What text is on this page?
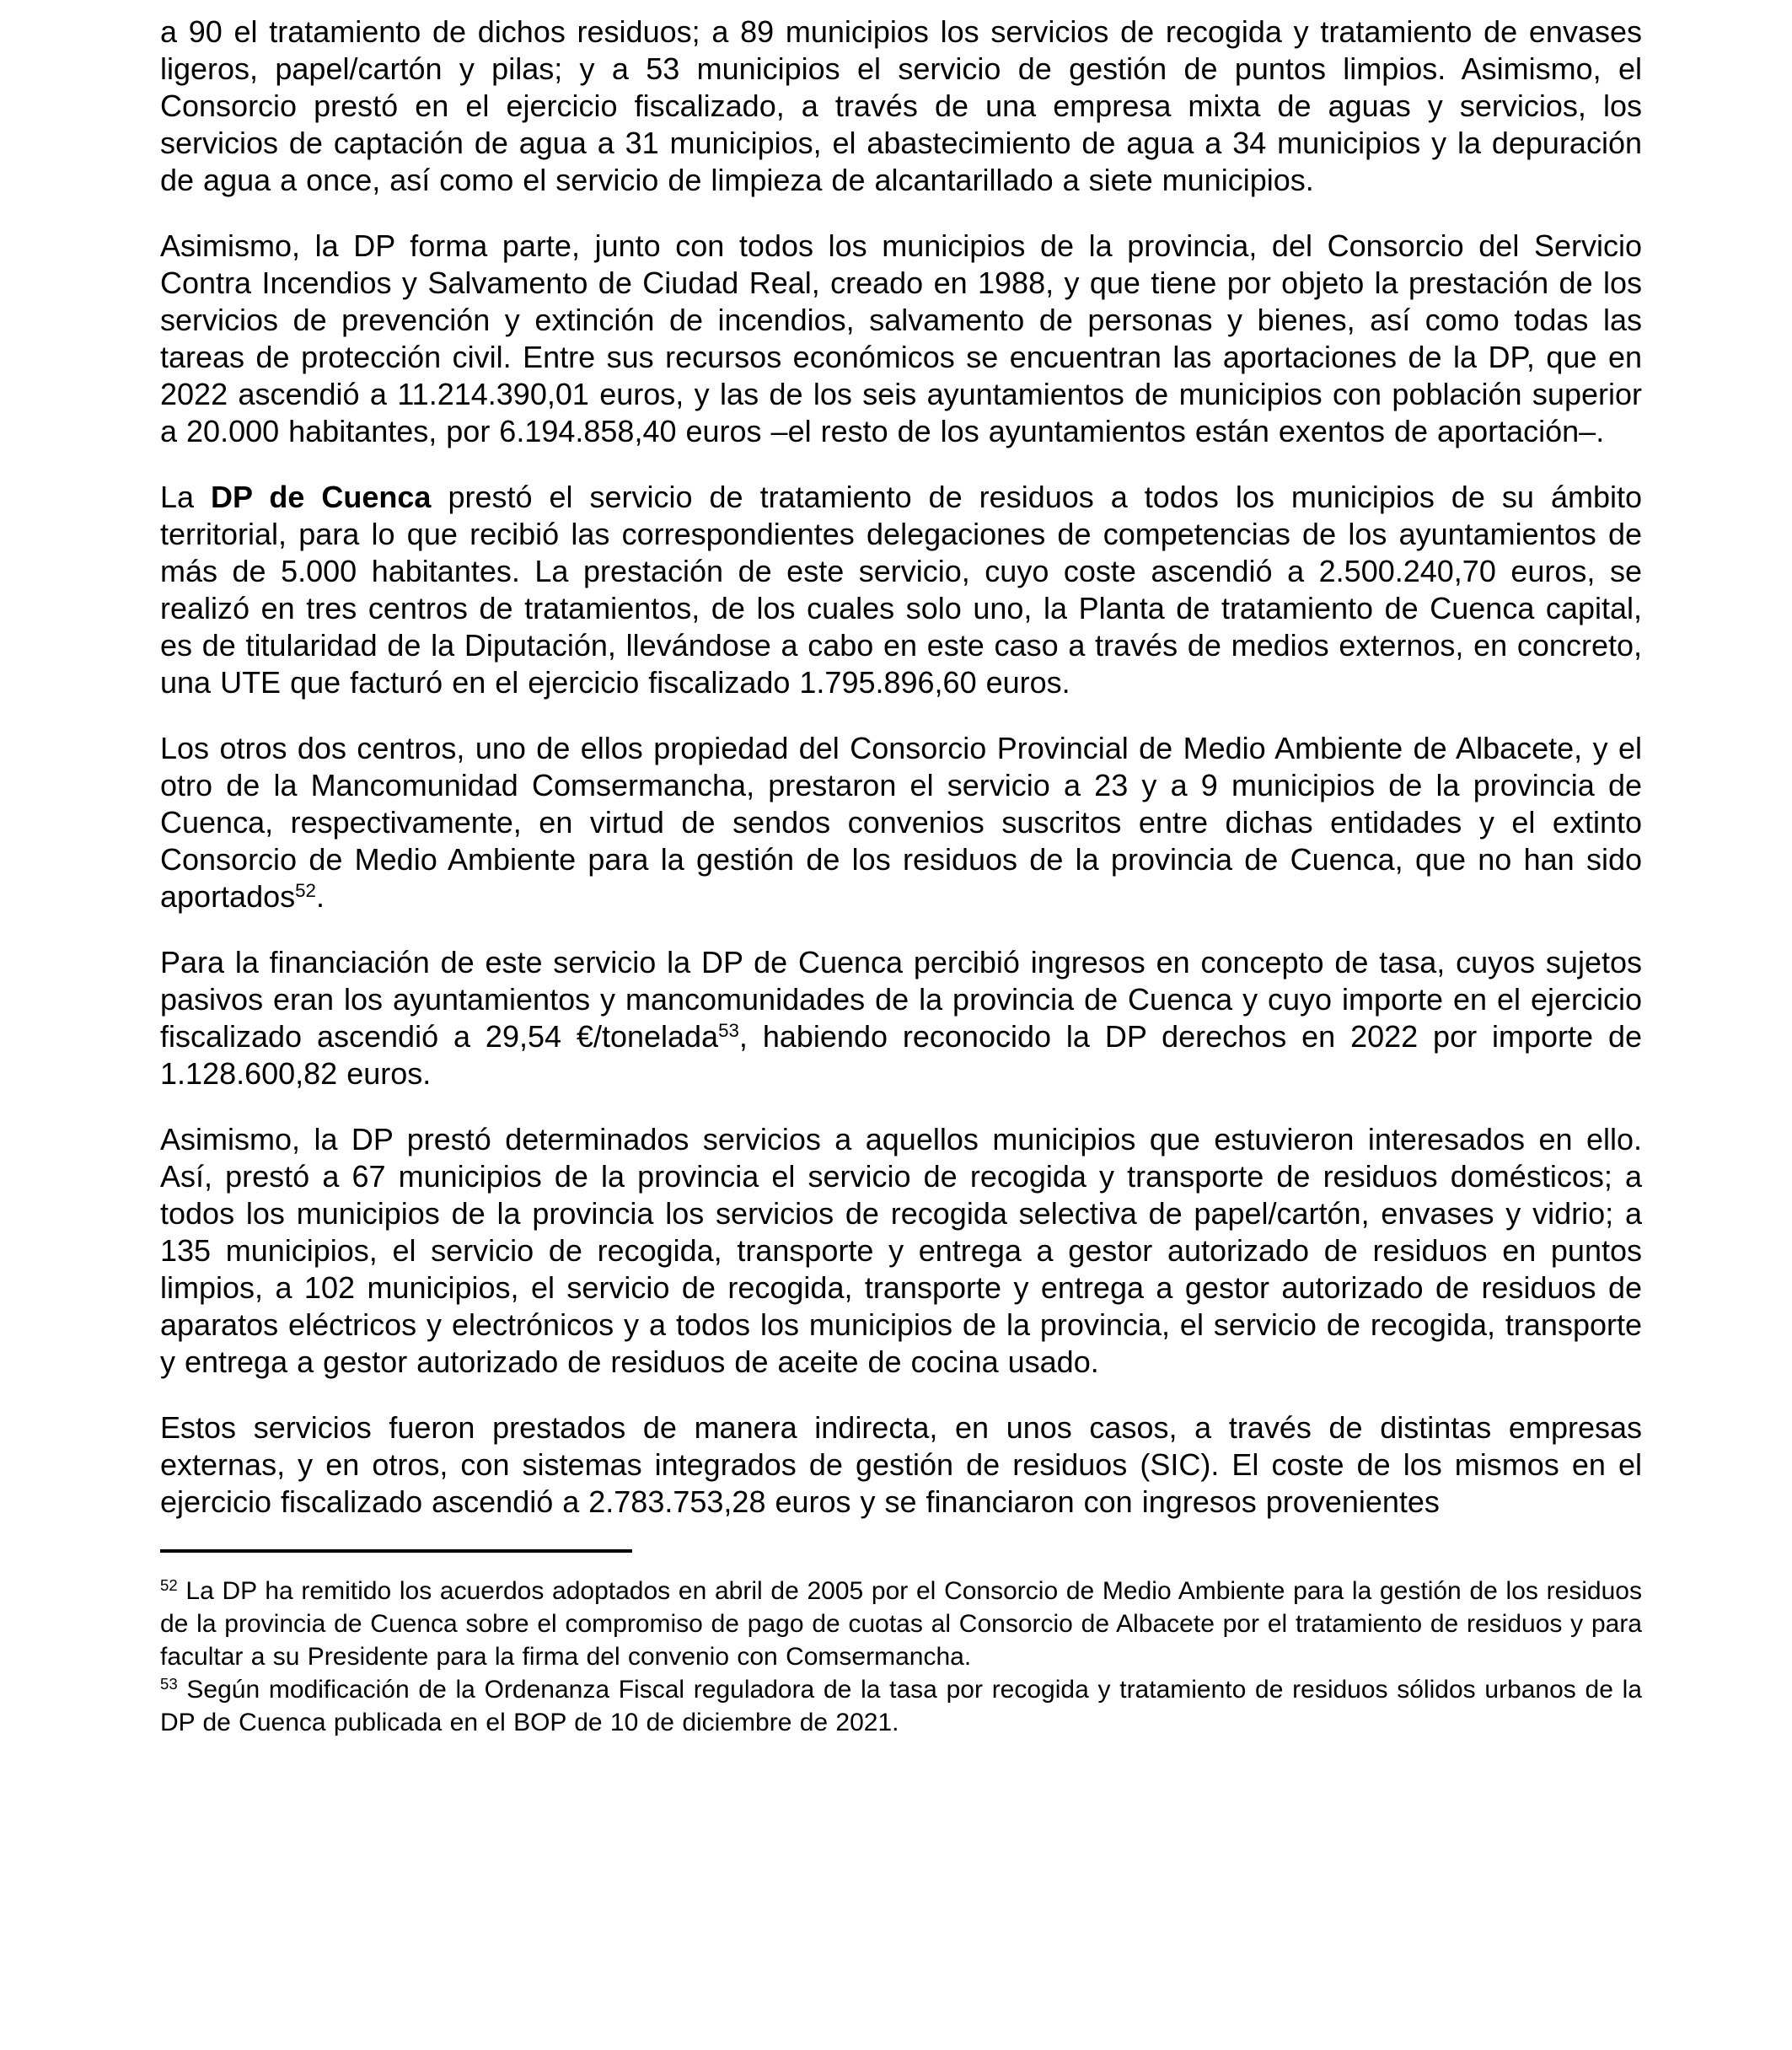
a 90 el tratamiento de dichos residuos; a 89 municipios los servicios de recogida y tratamiento de envases ligeros, papel/cartón y pilas; y a 53 municipios el servicio de gestión de puntos limpios. Asimismo, el Consorcio prestó en el ejercicio fiscalizado, a través de una empresa mixta de aguas y servicios, los servicios de captación de agua a 31 municipios, el abastecimiento de agua a 34 municipios y la depuración de agua a once, así como el servicio de limpieza de alcantarillado a siete municipios.

Asimismo, la DP forma parte, junto con todos los municipios de la provincia, del Consorcio del Servicio Contra Incendios y Salvamento de Ciudad Real, creado en 1988, y que tiene por objeto la prestación de los servicios de prevención y extinción de incendios, salvamento de personas y bienes, así como todas las tareas de protección civil. Entre sus recursos económicos se encuentran las aportaciones de la DP, que en 2022 ascendió a 11.214.390,01 euros, y las de los seis ayuntamientos de municipios con población superior a 20.000 habitantes, por 6.194.858,40 euros –el resto de los ayuntamientos están exentos de aportación–.

La DP de Cuenca prestó el servicio de tratamiento de residuos a todos los municipios de su ámbito territorial, para lo que recibió las correspondientes delegaciones de competencias de los ayuntamientos de más de 5.000 habitantes. La prestación de este servicio, cuyo coste ascendió a 2.500.240,70 euros, se realizó en tres centros de tratamientos, de los cuales solo uno, la Planta de tratamiento de Cuenca capital, es de titularidad de la Diputación, llevándose a cabo en este caso a través de medios externos, en concreto, una UTE que facturó en el ejercicio fiscalizado 1.795.896,60 euros.

Los otros dos centros, uno de ellos propiedad del Consorcio Provincial de Medio Ambiente de Albacete, y el otro de la Mancomunidad Comsermancha, prestaron el servicio a 23 y a 9 municipios de la provincia de Cuenca, respectivamente, en virtud de sendos convenios suscritos entre dichas entidades y el extinto Consorcio de Medio Ambiente para la gestión de los residuos de la provincia de Cuenca, que no han sido aportados$^{52}$.

Para la financiación de este servicio la DP de Cuenca percibió ingresos en concepto de tasa, cuyos sujetos pasivos eran los ayuntamientos y mancomunidades de la provincia de Cuenca y cuyo importe en el ejercicio fiscalizado ascendió a 29,54 €/tonelada$^{53}$, habiendo reconocido la DP derechos en 2022 por importe de 1.128.600,82 euros.

Asimismo, la DP prestó determinados servicios a aquellos municipios que estuvieron interesados en ello. Así, prestó a 67 municipios de la provincia el servicio de recogida y transporte de residuos domésticos; a todos los municipios de la provincia los servicios de recogida selectiva de papel/cartón, envases y vidrio; a 135 municipios, el servicio de recogida, transporte y entrega a gestor autorizado de residuos en puntos limpios, a 102 municipios, el servicio de recogida, transporte y entrega a gestor autorizado de residuos de aparatos eléctricos y electrónicos y a todos los municipios de la provincia, el servicio de recogida, transporte y entrega a gestor autorizado de residuos de aceite de cocina usado.

Estos servicios fueron prestados de manera indirecta, en unos casos, a través de distintas empresas externas, y en otros, con sistemas integrados de gestión de residuos (SIC). El coste de los mismos en el ejercicio fiscalizado ascendió a 2.783.753,28 euros y se financiaron con ingresos provenientes

$^{52}$ La DP ha remitido los acuerdos adoptados en abril de 2005 por el Consorcio de Medio Ambiente para la gestión de los residuos de la provincia de Cuenca sobre el compromiso de pago de cuotas al Consorcio de Albacete por el tratamiento de residuos y para facultar a su Presidente para la firma del convenio con Comsermancha.

$^{53}$ Según modificación de la Ordenanza Fiscal reguladora de la tasa por recogida y tratamiento de residuos sólidos urbanos de la DP de Cuenca publicada en el BOP de 10 de diciembre de 2021.
